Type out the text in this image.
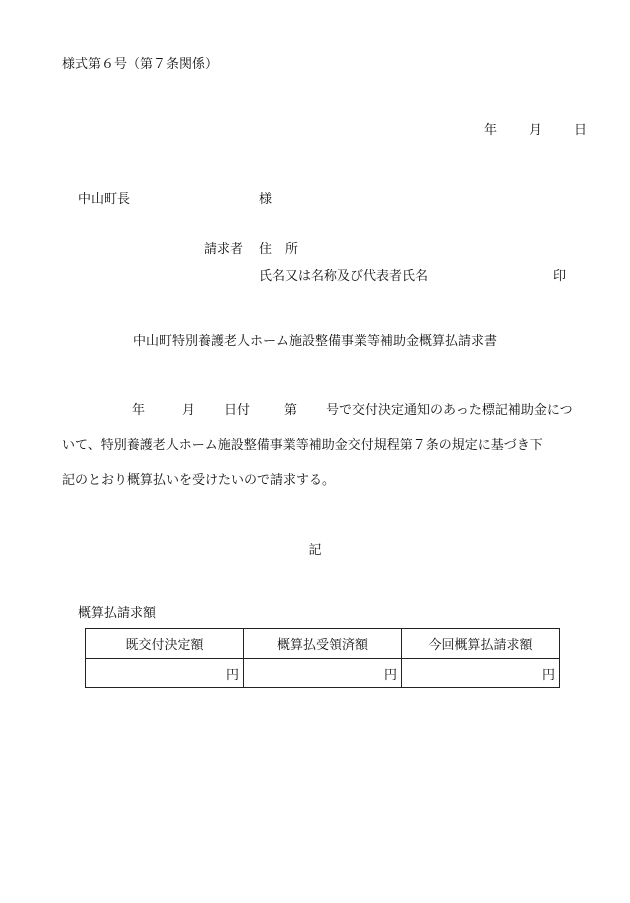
様式第６号（第７条関係）
年	月	日
中山町長	様
請求者 住　所
氏名又は名称及び代表者氏名	印
中山町特別養護老人ホーム施設整備事業等補助金概算払請求書
年	月	日付	第	号で交付決定通知のあった標記補助金につ
いて、特別養護老人ホーム施設整備事業等補助金交付規程第７条の規定に基づき下
記のとおり概算払いを受けたいので請求する。
記
概算払請求額
既交付決定額	概算払受領済額	今回概算払請求額
円	円	円
